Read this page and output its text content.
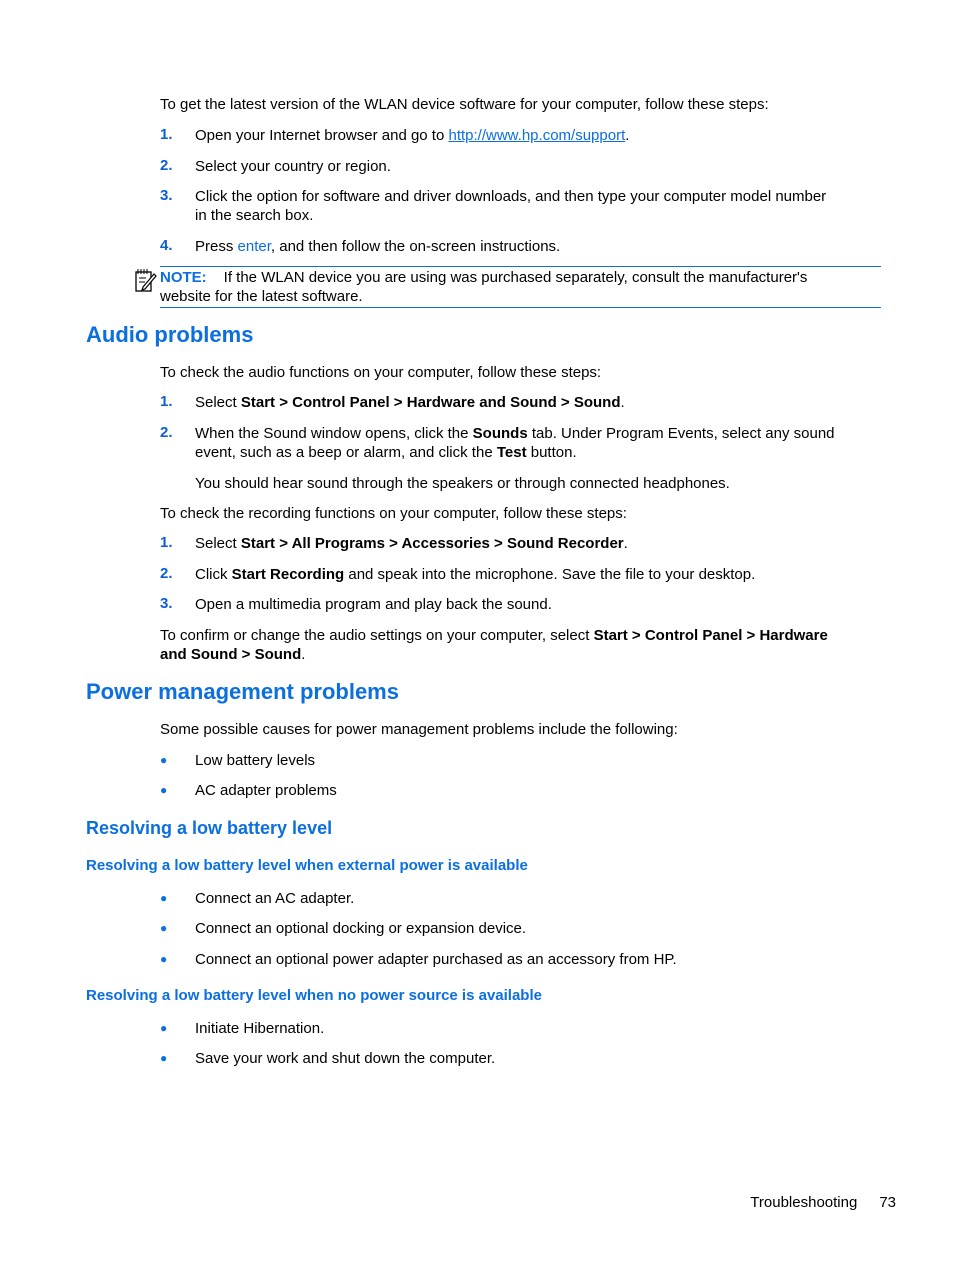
To get the latest version of the WLAN device software for your computer, follow these steps:
1. Open your Internet browser and go to http://www.hp.com/support.
2. Select your country or region.
3. Click the option for software and driver downloads, and then type your computer model number
in the search box.
4. Press enter, and then follow the on-screen instructions.
NOTE: If the WLAN device you are using was purchased separately, consult the manufacturer's
website for the latest software.
Audio problems
To check the audio functions on your computer, follow these steps:
1. Select Start > Control Panel > Hardware and Sound > Sound.
2. When the Sound window opens, click the Sounds tab. Under Program Events, select any sound
event, such as a beep or alarm, and click the Test button.
You should hear sound through the speakers or through connected headphones.
To check the recording functions on your computer, follow these steps:
1. Select Start > All Programs > Accessories > Sound Recorder.
2. Click Start Recording and speak into the microphone. Save the file to your desktop.
3. Open a multimedia program and play back the sound.
To confirm or change the audio settings on your computer, select Start > Control Panel > Hardware
and Sound > Sound.
Power management problems
Some possible causes for power management problems include the following:
● Low battery levels
● AC adapter problems
Resolving a low battery level
Resolving a low battery level when external power is available
● Connect an AC adapter.
● Connect an optional docking or expansion device.
● Connect an optional power adapter purchased as an accessory from HP.
Resolving a low battery level when no power source is available
● Initiate Hibernation.
● Save your work and shut down the computer.
Troubleshooting 73
